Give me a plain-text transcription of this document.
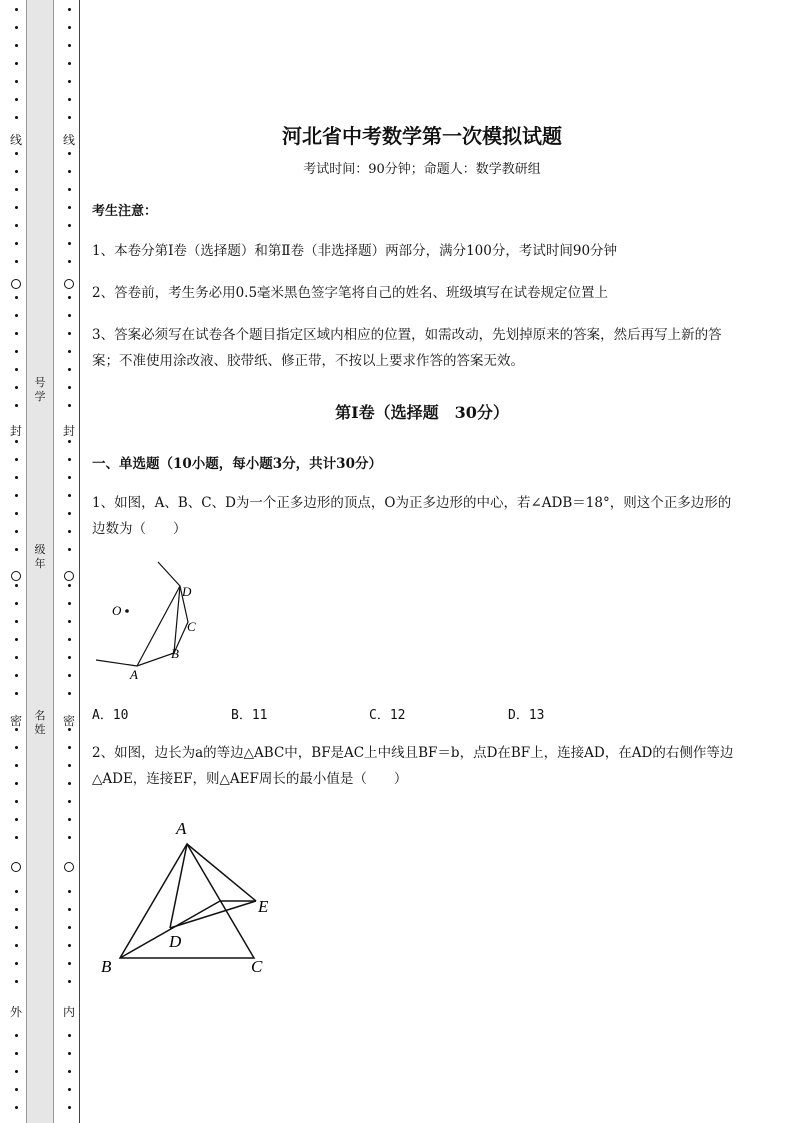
线
封
密
外
号
学
级
年
名
姓
线
封
密
内
河北省中考数学第一次模拟试题
考试时间：90分钟；命题人：数学教研组
考生注意：
1、本卷分第I卷（选择题）和第Ⅱ卷（非选择题）两部分，满分100分，考试时间90分钟
2、答卷前，考生务必用0.5毫米黑色签字笔将自己的姓名、班级填写在试卷规定位置上
3、答案必须写在试卷各个题目指定区域内相应的位置，如需改动，先划掉原来的答案，然后再写上新的答案；不准使用涂改液、胶带纸、修正带，不按以上要求作答的答案无效。
第I卷（选择题　30分）
一、单选题（10小题，每小题3分，共计30分）
1、如图，A、B、C、D为一个正多边形的顶点，O为正多边形的中心，若∠ADB＝18°，则这个正多边形的边数为（　　）
O
A
B
C
D
A．10	B．11	C．12	D．13
2、如图，边长为a的等边△ABC中，BF是AC上中线且BF＝b，点D在BF上，连接AD，在AD的右侧作等边△ADE，连接EF，则△AEF周长的最小值是（　　）
A
B	C
D
E
